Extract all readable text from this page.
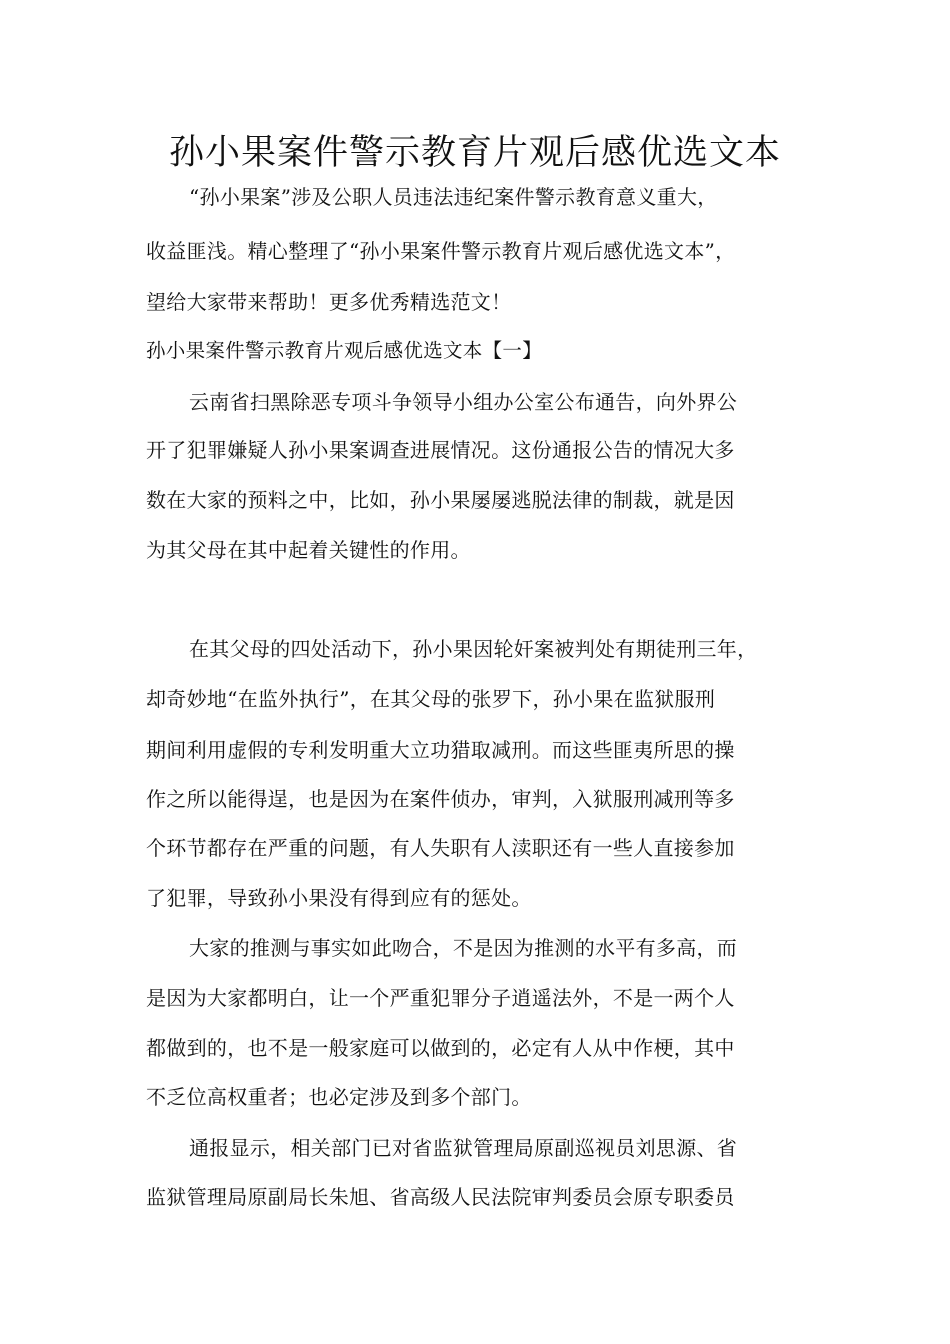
孙小果案件警示教育片观后感优选文本
“孙小果案”涉及公职人员违法违纪案件警示教育意义重大，
收益匪浅。精心整理了“孙小果案件警示教育片观后感优选文本”，
望给大家带来帮助！更多优秀精选范文！
孙小果案件警示教育片观后感优选文本【一】
云南省扫黑除恶专项斗争领导小组办公室公布通告，向外界公
开了犯罪嫌疑人孙小果案调查进展情况。这份通报公告的情况大多
数在大家的预料之中，比如，孙小果屡屡逃脱法律的制裁，就是因
为其父母在其中起着关键性的作用。
在其父母的四处活动下，孙小果因轮奸案被判处有期徒刑三年，
却奇妙地“在监外执行”，在其父母的张罗下，孙小果在监狱服刑
期间利用虚假的专利发明重大立功猎取减刑。而这些匪夷所思的操
作之所以能得逞，也是因为在案件侦办，审判，入狱服刑减刑等多
个环节都存在严重的问题，有人失职有人渎职还有一些人直接参加
了犯罪，导致孙小果没有得到应有的惩处。
大家的推测与事实如此吻合，不是因为推测的水平有多高，而
是因为大家都明白，让一个严重犯罪分子逍遥法外，不是一两个人
都做到的，也不是一般家庭可以做到的，必定有人从中作梗，其中
不乏位高权重者；也必定涉及到多个部门。
通报显示，相关部门已对省监狱管理局原副巡视员刘思源、省
监狱管理局原副局长朱旭、省高级人民法院审判委员会原专职委员
